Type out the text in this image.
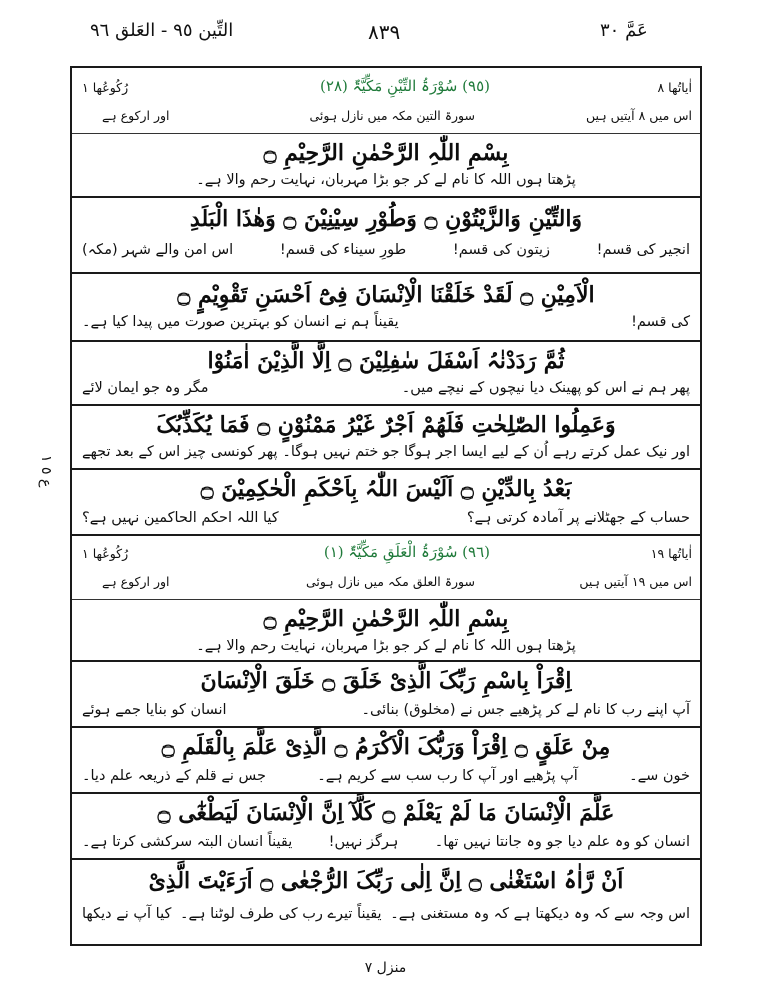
عَمَّ ٣٠
٨٣٩
التِّين ٩٥ - العَلق ٩٦
ع ٥ ١
اٰیاتُھا ٨
(٩٥) سُوْرَۃُ التِّیْنِ مَکِّیَّۃٌ (٢٨)
رُکُوعُھا ١
اس میں ٨ آیتیں ہیں
سورۃ التین مکہ میں نازل ہوئی
اور ارکوع ہے
بِسْمِ اللّٰہِ الرَّحْمٰنِ الرَّحِیْمِ ۝
پڑھتا ہوں اللہ کا نام لے کر جو بڑا مہربان، نہایت رحم والا ہے۔
وَالتِّیْنِ وَالزَّیْتُوْنِ ۝ وَطُوْرِ سِیْنِیْنَ ۝ وَھٰذَا الْبَلَدِ
انجیر کی قسم!
زیتون کی قسم!
طورِ سیناء کی قسم!
اس امن والے شہر (مکہ)
الْاَمِیْنِ ۝ لَقَدْ خَلَقْنَا الْاِنْسَانَ فِیْٓ اَحْسَنِ تَقْوِیْمٍ ۝
کی قسم!
یقیناً ہم نے انسان کو بہترین صورت میں پیدا کیا ہے۔
ثُمَّ رَدَدْنٰہُ اَسْفَلَ سٰفِلِیْنَ ۝ اِلَّا الَّذِیْنَ اٰمَنُوْا
پھر ہم نے اس کو پھینک دیا نیچوں کے نیچے میں۔
مگر وہ جو ایمان لائے
وَعَمِلُوا الصّٰلِحٰتِ فَلَھُمْ اَجْرٌ غَیْرُ مَمْنُوْنٍ ۝ فَمَا یُکَذِّبُکَ
اور نیک عمل کرتے رہے اُن کے لیے ایسا اجر ہوگا جو ختم نہیں ہوگا۔
پھر کونسی چیز اس کے بعد تجھے
بَعْدُ بِالدِّیْنِ ۝ اَلَیْسَ اللّٰہُ بِاَحْکَمِ الْحٰکِمِیْنَ ۝
حساب کے جھٹلانے پر آمادہ کرتی ہے؟
کیا اللہ احکم الحاکمین نہیں ہے؟
اٰیاتُھا ١٩
(٩٦) سُوْرَۃُ الْعَلَقِ مَکِّیَّۃٌ (١)
رُکُوعُھا ١
اس میں ١٩ آیتیں ہیں
سورۃ العلق مکہ میں نازل ہوئی
اور ارکوع ہے
بِسْمِ اللّٰہِ الرَّحْمٰنِ الرَّحِیْمِ ۝
پڑھتا ہوں اللہ کا نام لے کر جو بڑا مہربان، نہایت رحم والا ہے۔
اِقْرَاْ بِاسْمِ رَبِّکَ الَّذِیْ خَلَقَ ۝ خَلَقَ الْاِنْسَانَ
آپ اپنے رب کا نام لے کر پڑھیے جس نے (مخلوق) بنائی۔
انسان کو بنایا جمے ہوئے
مِنْ عَلَقٍ ۝ اِقْرَاْ وَرَبُّکَ الْاَکْرَمُ ۝ الَّذِیْ عَلَّمَ بِالْقَلَمِ ۝
خون سے۔
آپ پڑھیے اور آپ کا رب سب سے کریم ہے۔
جس نے قلم کے ذریعہ علم دیا۔
عَلَّمَ الْاِنْسَانَ مَا لَمْ یَعْلَمْ ۝ کَلَّآ اِنَّ الْاِنْسَانَ لَیَطْغٰٓی ۝
انسان کو وہ علم دیا جو وہ جانتا نہیں تھا۔
ہرگز نہیں!
یقیناً انسان البتہ سرکشی کرتا ہے۔
اَنْ رَّاٰہُ اسْتَغْنٰی ۝ اِنَّ اِلٰی رَبِّکَ الرُّجْعٰی ۝ اَرَءَیْتَ الَّذِیْ
اس وجہ سے کہ وہ دیکھتا ہے کہ وہ مستغنی ہے۔
یقیناً تیرے رب کی طرف لوٹنا ہے۔
کیا آپ نے دیکھا
منزل ٧
